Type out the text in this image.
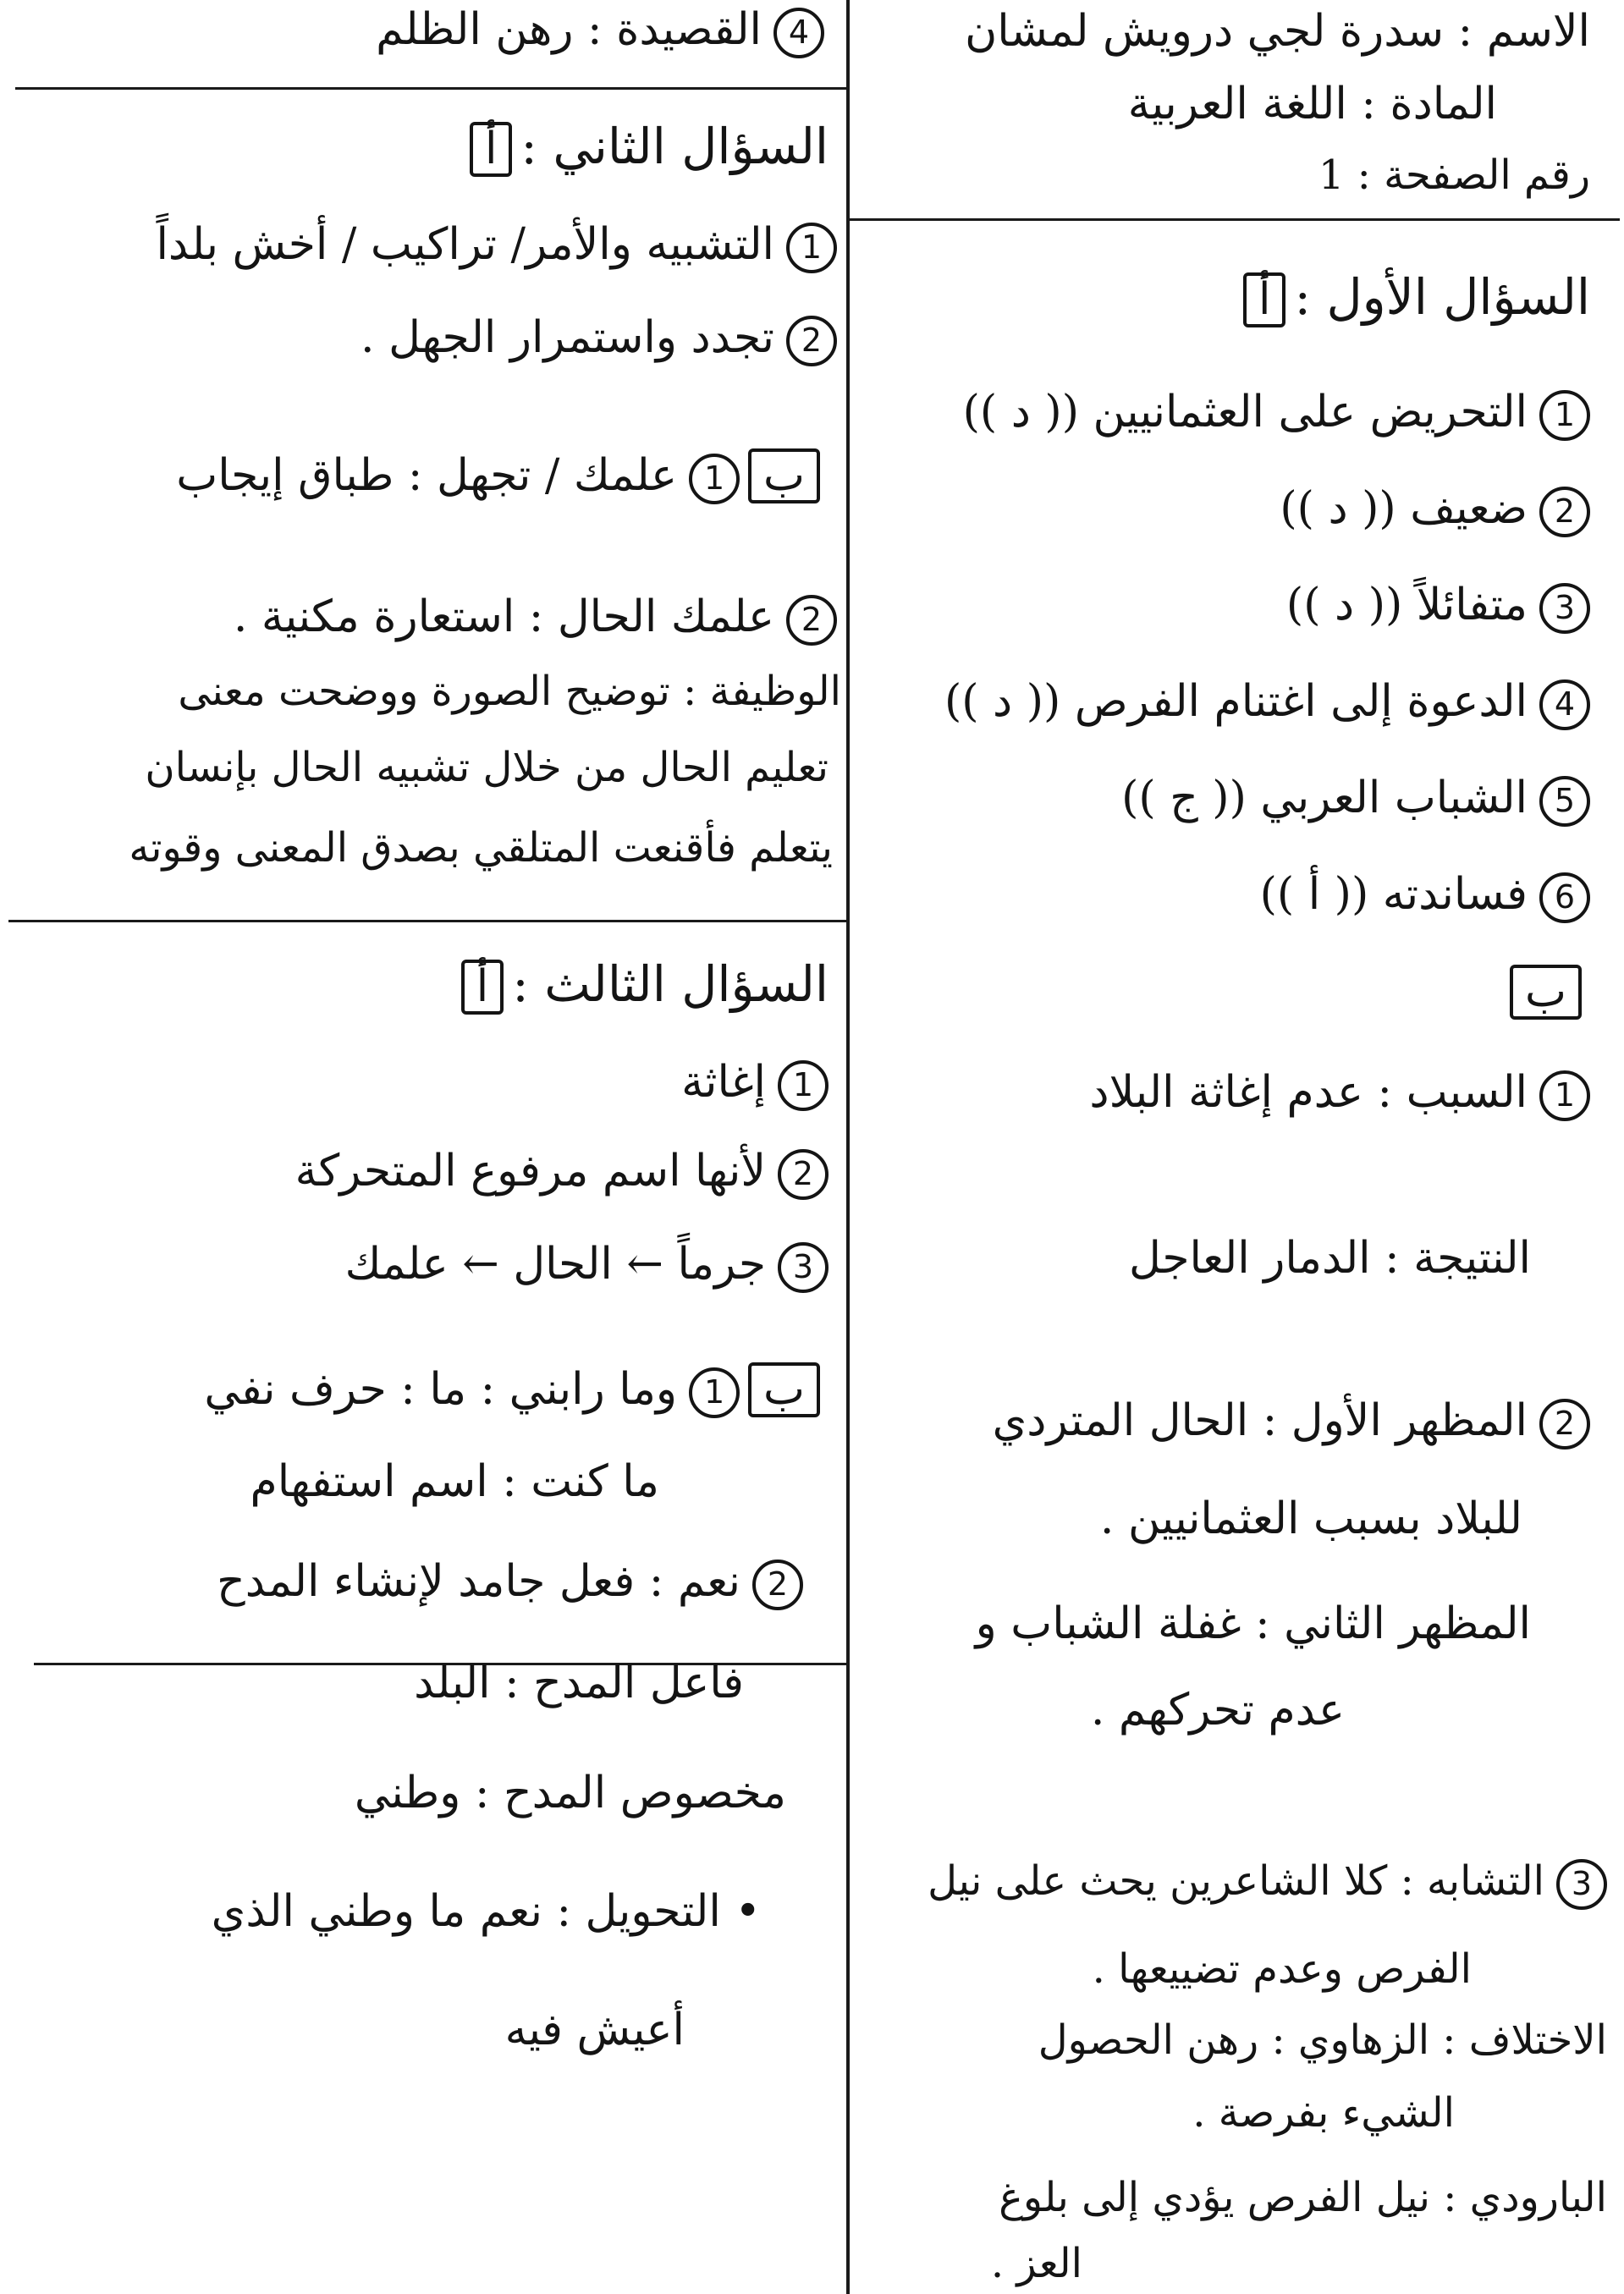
الاسم : سدرة لجي درويش لمشان
المادة : اللغة العربية
رقم الصفحة : 1
السؤال الأول :أ
1التحريض على العثمانيين (( د ))
2ضعيف (( د ))
3متفائلاً (( د ))
4الدعوة إلى اغتنام الفرص (( د ))
5الشباب العربي (( ج ))
6فساندته (( أ ))
ب
1السبب : عدم إغاثة البلاد
النتيجة : الدمار العاجل
2المظهر الأول : الحال المتردي
للبلاد بسبب العثمانيين .
المظهر الثاني : غفلة الشباب و
عدم تحركهم .
3التشابه : كلا الشاعرين يحث على نيل
الفرص وعدم تضييعها .
الاختلاف : الزهاوي : رهن الحصول
الشيء بفرصة .
البارودي : نيل الفرص يؤدي إلى بلوغ
العز .
4القصيدة : رهن الظلم
السؤال الثاني :أ
1التشبيه والأمر/ تراكيب / أخش بلداً
2تجدد واستمرار الجهل .
ب1علمك / تجهل : طباق إيجاب
2علمك الحال : استعارة مكنية .
الوظيفة : توضيح الصورة ووضحت معنى
تعليم الحال من خلال تشبيه الحال بإنسان
يتعلم فأقنعت المتلقي بصدق المعنى وقوته
السؤال الثالث :أ
1إغاثة
2لأنها اسم مرفوع المتحركة
3جرماً ← الحال ← علمك
ب1وما رابني : ما : حرف نفي
ما كنت : اسم استفهام
2نعم : فعل جامد لإنشاء المدح
فاعل المدح : البلد
مخصوص المدح : وطني
• التحويل : نعم ما وطني الذي
أعيش فيه
